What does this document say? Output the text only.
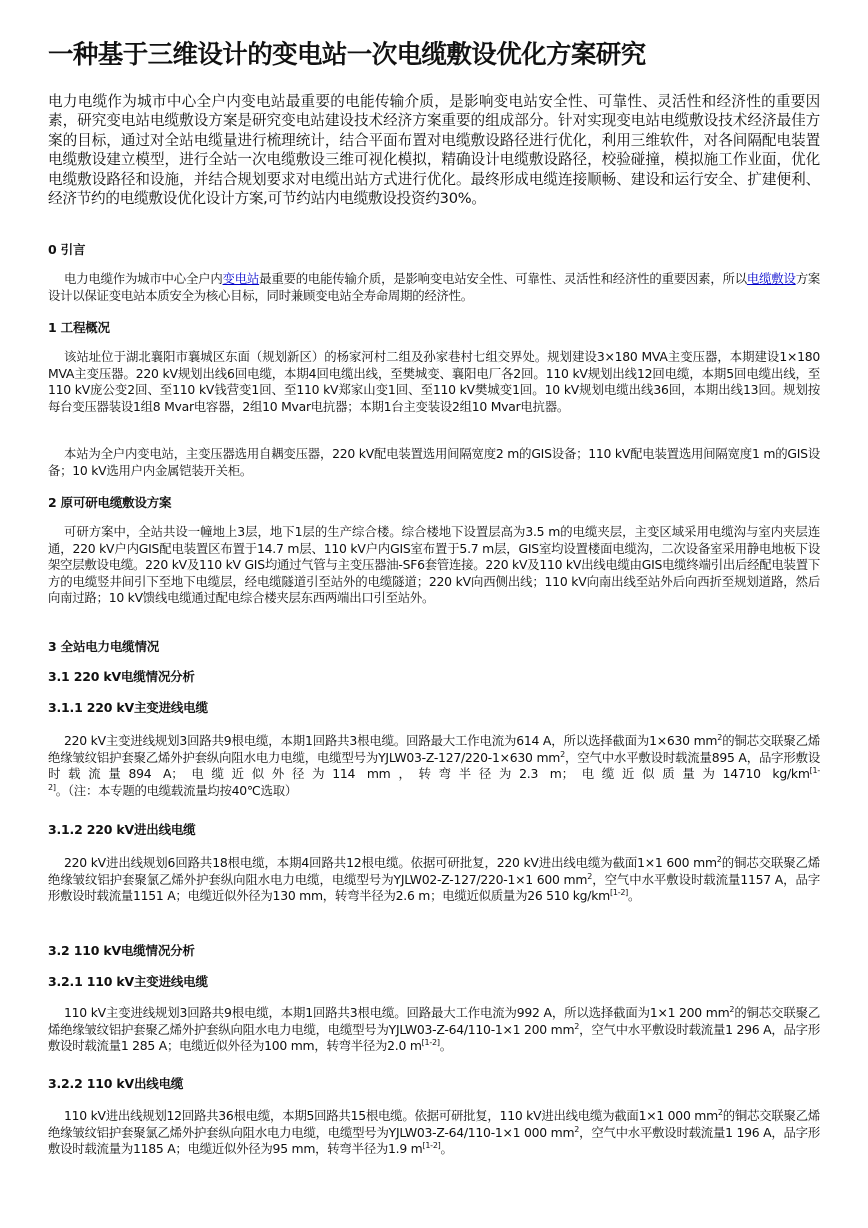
一种基于三维设计的变电站一次电缆敷设优化方案研究

电力电缆作为城市中心全户内变电站最重要的电能传输介质，是影响变电站安全性、可靠性、灵活性和经济性的重要因素，研究变电站电缆敷设方案是研究变电站建设技术经济方案重要的组成部分。针对实现变电站电缆敷设技术经济最佳方案的目标，通过对全站电缆量进行梳理统计，结合平面布置对电缆敷设路径进行优化，利用三维软件，对各间隔配电装置电缆敷设建立模型，进行全站一次电缆敷设三维可视化模拟，精确设计电缆敷设路径，校验碰撞，模拟施工作业面，优化电缆敷设路径和设施，并结合规划要求对电缆出站方式进行优化。最终形成电缆连接顺畅、建设和运行安全、扩建便利、经济节约的电缆敷设优化设计方案,可节约站内电缆敷设投资约30%。

0 引言

电力电缆作为城市中心全户内变电站最重要的电能传输介质，是影响变电站安全性、可靠性、灵活性和经济性的重要因素，所以电缆敷设方案设计以保证变电站本质安全为核心目标，同时兼顾变电站全寿命周期的经济性。

1 工程概况

该站址位于湖北襄阳市襄城区东面（规划新区）的杨家河村二组及孙家巷村七组交界处。规划建设3×180 MVA主变压器，本期建设1×180 MVA主变压器。220 kV规划出线6回电缆，本期4回电缆出线，至樊城变、襄阳电厂各2回。110 kV规划出线12回电缆，本期5回电缆出线，至110 kV庞公变2回、至110 kV钱营变1回、至110 kV郑家山变1回、至110 kV樊城变1回。10 kV规划电缆出线36回，本期出线13回。规划按每台变压器装设1组8 Mvar电容器，2组10 Mvar电抗器；本期1台主变装设2组10 Mvar电抗器。

本站为全户内变电站，主变压器选用自耦变压器，220 kV配电装置选用间隔宽度2 m的GIS设备；110 kV配电装置选用间隔宽度1 m的GIS设备；10 kV选用户内金属铠装开关柜。

2 原可研电缆敷设方案

可研方案中，全站共设一幢地上3层，地下1层的生产综合楼。综合楼地下设置层高为3.5 m的电缆夹层，主变区域采用电缆沟与室内夹层连通，220 kV户内GIS配电装置区布置于14.7 m层、110 kV户内GIS室布置于5.7 m层，GIS室均设置楼面电缆沟，二次设备室采用静电地板下设架空层敷设电缆。220 kV及110 kV GIS均通过气管与主变压器油-SF6套管连接。220 kV及110 kV出线电缆由GIS电缆终端引出后经配电装置下方的电缆竖井间引下至地下电缆层，经电缆隧道引至站外的电缆隧道；220 kV向西侧出线；110 kV向南出线至站外后向西折至规划道路，然后向南过路；10 kV馈线电缆通过配电综合楼夹层东西两端出口引至站外。

3 全站电力电缆情况
3.1 220 kV电缆情况分析
3.1.1 220 kV主变进线电缆

220 kV主变进线规划3回路共9根电缆，本期1回路共3根电缆。回路最大工作电流为614 A，所以选择截面为1×630 $mm^2$的铜芯交联聚乙烯绝缘皱纹铝护套聚乙烯外护套纵向阻水电力电缆，电缆型号为YJLW03-Z-127/220-1×630 $mm^2$，空气中水平敷设时载流量895 A，品字形敷设时载流量894 A；电缆近似外径为114 mm，转弯半径为2.3 m；电缆近似质量为14710 kg/km[1-2]。（注：本专题的电缆载流量均按40℃选取）

3.1.2 220 kV进出线电缆

220 kV进出线规划6回路共18根电缆，本期4回路共12根电缆。依据可研批复，220 kV进出线电缆为截面1×1 600 $mm^2$的铜芯交联聚乙烯绝缘皱纹铝护套聚氯乙烯外护套纵向阻水电力电缆，电缆型号为YJLW02-Z-127/220-1×1 600 $mm^2$，空气中水平敷设时载流量1157 A，品字形敷设时载流量1151 A；电缆近似外径为130 mm，转弯半径为2.6 m；电缆近似质量为26 510 kg/km[1-2]。

3.2 110 kV电缆情况分析
3.2.1 110 kV主变进线电缆

110 kV主变进线规划3回路共9根电缆，本期1回路共3根电缆。回路最大工作电流为992 A，所以选择截面为1×1 200 $mm^2$的铜芯交联聚乙烯绝缘皱纹铝护套聚乙烯外护套纵向阻水电力电缆，电缆型号为YJLW03-Z-64/110-1×1 200 $mm^2$，空气中水平敷设时载流量1 296 A，品字形敷设时载流量1 285 A；电缆近似外径为100 mm，转弯半径为2.0 m[1-2]。

3.2.2 110 kV出线电缆

110 kV进出线规划12回路共36根电缆，本期5回路共15根电缆。依据可研批复，110 kV进出线电缆为截面1×1 000 $mm^2$的铜芯交联聚乙烯绝缘皱纹铝护套聚氯乙烯外护套纵向阻水电力电缆，电缆型号为YJLW03-Z-64/110-1×1 000 $mm^2$，空气中水平敷设时载流量1 196 A，品字形敷设时载流量为1185 A；电缆近似外径为95 mm，转弯半径为1.9 m[1-2]。
